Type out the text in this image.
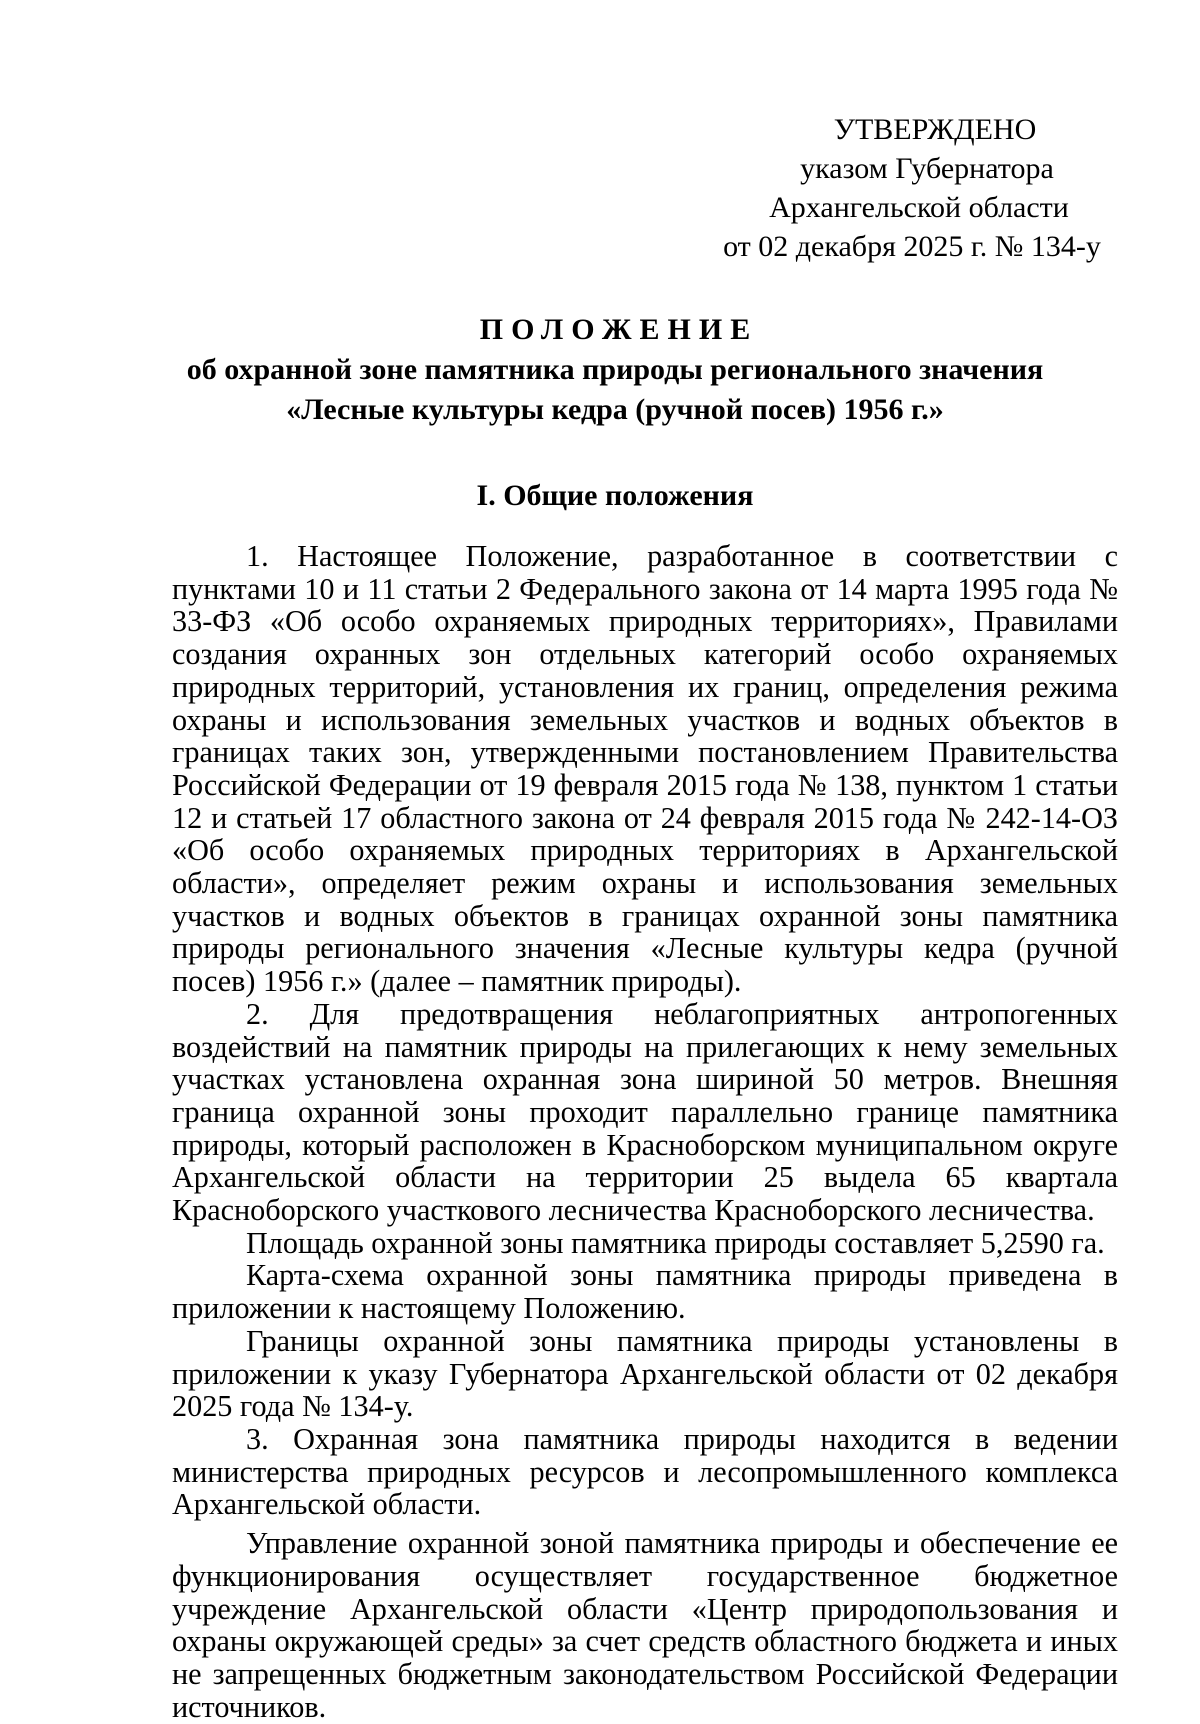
УТВЕРЖДЕНО
указом Губернатора
Архангельской области
от 02 декабря 2025 г. № 134-у
ПОЛОЖЕНИЕ
об охранной зоне памятника природы регионального значения
«Лесные культуры кедра (ручной посев) 1956 г.»
I. Общие положения

1. Настоящее Положение, разработанное в соответствии с пунктами 10 и 11 статьи 2 Федерального закона от 14 марта 1995 года № 33-ФЗ «Об особо охраняемых природных территориях», Правилами создания охранных зон отдельных категорий особо охраняемых природных территорий, установления их границ, определения режима охраны и использования земельных участков и водных объектов в границах таких зон, утвержденными постановлением Правительства Российской Федерации от 19 февраля 2015 года № 138, пунктом 1 статьи 12 и статьей 17 областного закона от 24 февраля 2015 года № 242-14-ОЗ «Об особо охраняемых природных территориях в Архангельской области», определяет режим охраны и использования земельных участков и водных объектов в границах охранной зоны памятника природы регионального значения «Лесные культуры кедра (ручной посев) 1956 г.» (далее – памятник природы).

2. Для предотвращения неблагоприятных антропогенных воздействий на памятник природы на прилегающих к нему земельных участках установлена охранная зона шириной 50 метров. Внешняя граница охранной зоны проходит параллельно границе памятника природы, который расположен в Красноборском муниципальном округе Архангельской области на территории 25 выдела 65 квартала Красноборского участкового лесничества Красноборского лесничества.

Площадь охранной зоны памятника природы составляет 5,2590 га.

Карта-схема охранной зоны памятника природы приведена в приложении к настоящему Положению.

Границы охранной зоны памятника природы установлены в приложении к указу Губернатора Архангельской области от 02 декабря 2025 года № 134-у.

3. Охранная зона памятника природы находится в ведении министерства природных ресурсов и лесопромышленного комплекса Архангельской области.

Управление охранной зоной памятника природы и обеспечение ее функционирования осуществляет государственное бюджетное учреждение Архангельской области «Центр природопользования и охраны окружающей среды» за счет средств областного бюджета и иных не запрещенных бюджетным законодательством Российской Федерации источников.
